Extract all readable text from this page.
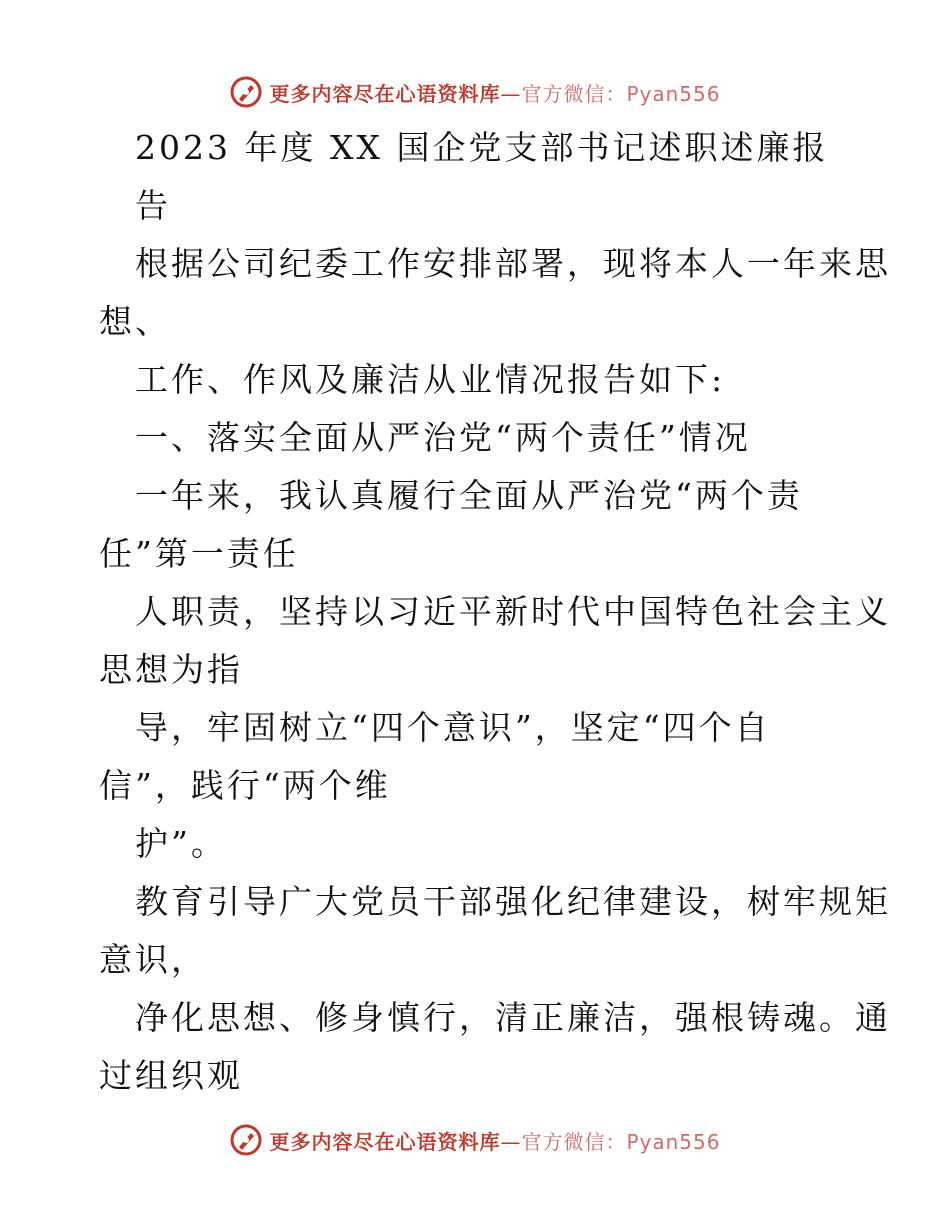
更多内容尽在心语资料库—官方微信：Pyan556
2023 年度 XX 国企党支部书记述职述廉报
告
根据公司纪委工作安排部署，现将本人一年来思
想、
工作、作风及廉洁从业情况报告如下:
一、落实全面从严治党“两个责任”情况
一年来，我认真履行全面从严治党“两个责
任”第一责任
人职责，坚持以习近平新时代中国特色社会主义
思想为指
导，牢固树立“四个意识”，坚定“四个自
信”，践行“两个维
护”。
教育引导广大党员干部强化纪律建设，树牢规矩
意识，
净化思想、修身慎行，清正廉洁，强根铸魂。通
过组织观
更多内容尽在心语资料库—官方微信：Pyan556
